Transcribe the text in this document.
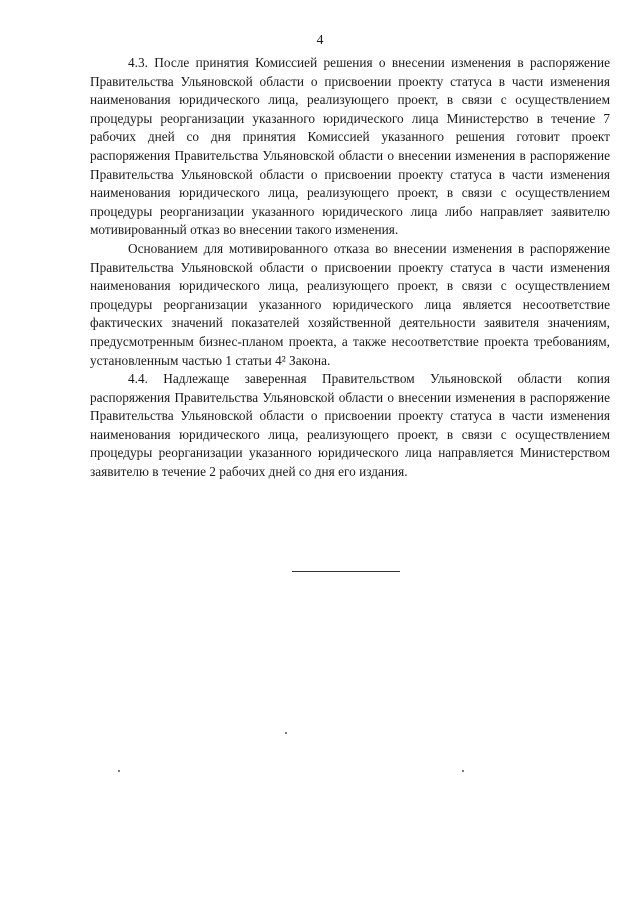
4

4.3. После принятия Комиссией решения о внесении изменения в распоряжение Правительства Ульяновской области о присвоении проекту статуса в части изменения наименования юридического лица, реализующего проект, в связи с осуществлением процедуры реорганизации указанного юридического лица Министерство в течение 7 рабочих дней со дня принятия Комиссией указанного решения готовит проект распоряжения Правительства Ульяновской области о внесении изменения в распоряжение Правительства Ульяновской области о присвоении проекту статуса в части изменения наименования юридического лица, реализующего проект, в связи с осуществлением процедуры реорганизации указанного юридического лица либо направляет заявителю мотивированный отказ во внесении такого изменения.

Основанием для мотивированного отказа во внесении изменения в распоряжение Правительства Ульяновской области о присвоении проекту статуса в части изменения наименования юридического лица, реализующего проект, в связи с осуществлением процедуры реорганизации указанного юридического лица является несоответствие фактических значений показателей хозяйственной деятельности заявителя значениям, предусмотренным бизнес-планом проекта, а также несоответствие проекта требованиям, установленным частью 1 статьи 4² Закона.

4.4. Надлежаще заверенная Правительством Ульяновской области копия распоряжения Правительства Ульяновской области о внесении изменения в распоряжение Правительства Ульяновской области о присвоении проекту статуса в части изменения наименования юридического лица, реализующего проект, в связи с осуществлением процедуры реорганизации указанного юридического лица направляется Министерством заявителю в течение 2 рабочих дней со дня его издания.
